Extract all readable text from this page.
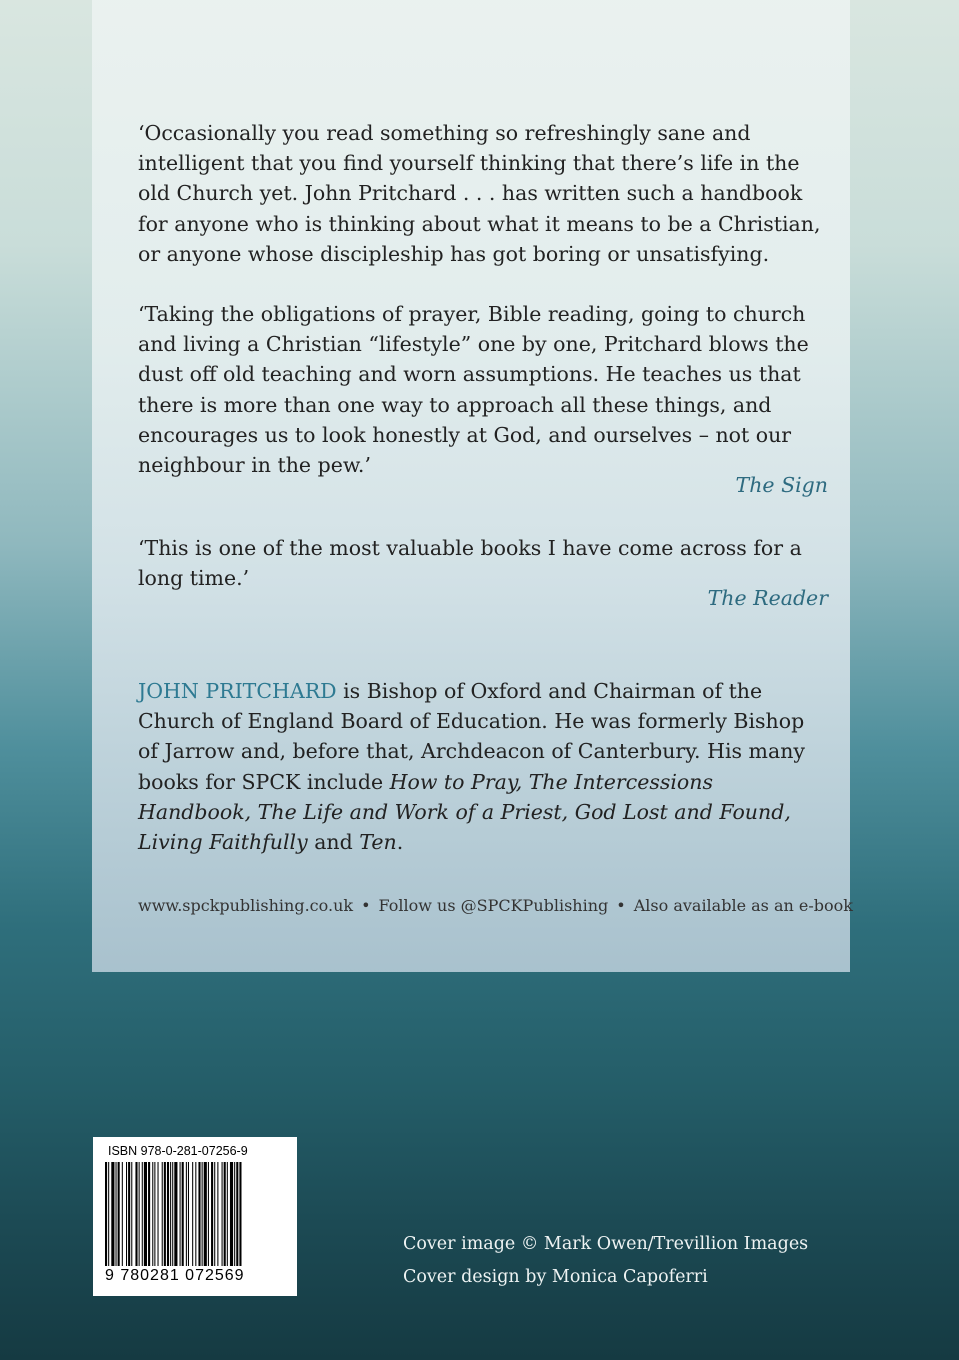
‘Occasionally you read something so refreshingly sane and intelligent that you find yourself thinking that there’s life in the old Church yet. John Pritchard . . . has written such a handbook for anyone who is thinking about what it means to be a Christian, or anyone whose discipleship has got boring or unsatisfying.

‘Taking the obligations of prayer, Bible reading, going to church and living a Christian “lifestyle” one by one, Pritchard blows the dust off old teaching and worn assumptions. He teaches us that there is more than one way to approach all these things, and encourages us to look honestly at God, and ourselves – not our neighbour in the pew.’

The Sign

‘This is one of the most valuable books I have come across for a long time.’

The Reader

JOHN PRITCHARD is Bishop of Oxford and Chairman of the Church of England Board of Education. He was formerly Bishop of Jarrow and, before that, Archdeacon of Canterbury. His many books for SPCK include How to Pray, The Intercessions Handbook, The Life and Work of a Priest, God Lost and Found, Living Faithfully and Ten.

www.spckpublishing.co.uk • Follow us @SPCKPublishing • Also available as an e-book

ISBN 978-0-281-07256-9

9 780281 072569

Cover image © Mark Owen/Trevillion Images

Cover design by Monica Capoferri
